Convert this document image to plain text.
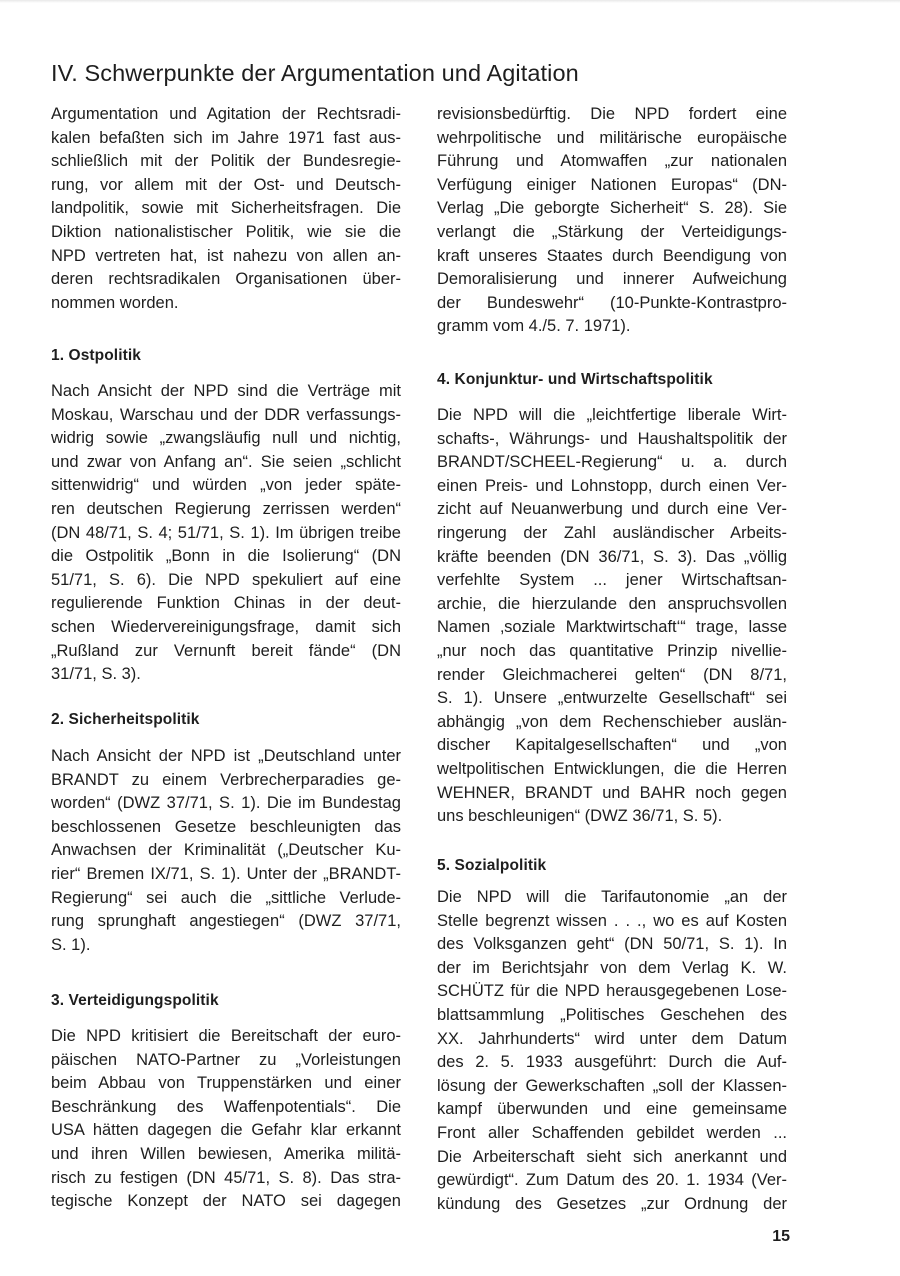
IV. Schwerpunkte der Argumentation und Agitation
Argumentation und Agitation der Rechtsradi-
kalen befaßten sich im Jahre 1971 fast aus-
schließlich mit der Politik der Bundesregie-
rung, vor allem mit der Ost- und Deutsch-
landpolitik, sowie mit Sicherheitsfragen. Die
Diktion nationalistischer Politik, wie sie die
NPD vertreten hat, ist nahezu von allen an-
deren rechtsradikalen Organisationen über-
nommen worden.
1. Ostpolitik
Nach Ansicht der NPD sind die Verträge mit
Moskau, Warschau und der DDR verfassungs-
widrig sowie „zwangsläufig null und nichtig,
und zwar von Anfang an“. Sie seien „schlicht
sittenwidrig“ und würden „von jeder späte-
ren deutschen Regierung zerrissen werden“
(DN 48/71, S. 4; 51/71, S. 1). Im übrigen treibe
die Ostpolitik „Bonn in die Isolierung“ (DN
51/71, S. 6). Die NPD spekuliert auf eine
regulierende Funktion Chinas in der deut-
schen Wiedervereinigungsfrage, damit sich
„Rußland zur Vernunft bereit fände“ (DN
31/71, S. 3).
2. Sicherheitspolitik
Nach Ansicht der NPD ist „Deutschland unter
BRANDT zu einem Verbrecherparadies ge-
worden“ (DWZ 37/71, S. 1). Die im Bundestag
beschlossenen Gesetze beschleunigten das
Anwachsen der Kriminalität („Deutscher Ku-
rier“ Bremen IX/71, S. 1). Unter der „BRANDT-
Regierung“ sei auch die „sittliche Verlude-
rung sprunghaft angestiegen“ (DWZ 37/71,
S. 1).
3. Verteidigungspolitik
Die NPD kritisiert die Bereitschaft der euro-
päischen NATO-Partner zu „Vorleistungen
beim Abbau von Truppenstärken und einer
Beschränkung des Waffenpotentials“. Die
USA hätten dagegen die Gefahr klar erkannt
und ihren Willen bewiesen, Amerika militä-
risch zu festigen (DN 45/71, S. 8). Das stra-
tegische Konzept der NATO sei dagegen
revisionsbedürftig. Die NPD fordert eine
wehrpolitische und militärische europäische
Führung und Atomwaffen „zur nationalen
Verfügung einiger Nationen Europas“ (DN-
Verlag „Die geborgte Sicherheit“ S. 28). Sie
verlangt die „Stärkung der Verteidigungs-
kraft unseres Staates durch Beendigung von
Demoralisierung und innerer Aufweichung
der Bundeswehr“ (10-Punkte-Kontrastpro-
gramm vom 4./5. 7. 1971).
4. Konjunktur- und Wirtschaftspolitik
Die NPD will die „leichtfertige liberale Wirt-
schafts-, Währungs- und Haushaltspolitik der
BRANDT/SCHEEL-Regierung“ u. a. durch
einen Preis- und Lohnstopp, durch einen Ver-
zicht auf Neuanwerbung und durch eine Ver-
ringerung der Zahl ausländischer Arbeits-
kräfte beenden (DN 36/71, S. 3). Das „völlig
verfehlte System ... jener Wirtschaftsan-
archie, die hierzulande den anspruchsvollen
Namen ‚soziale Marktwirtschaft‘“ trage, lasse
„nur noch das quantitative Prinzip nivellie-
render Gleichmacherei gelten“ (DN 8/71,
S. 1). Unsere „entwurzelte Gesellschaft“ sei
abhängig „von dem Rechenschieber auslän-
discher Kapitalgesellschaften“ und „von
weltpolitischen Entwicklungen, die die Herren
WEHNER, BRANDT und BAHR noch gegen
uns beschleunigen“ (DWZ 36/71, S. 5).
5. Sozialpolitik
Die NPD will die Tarifautonomie „an der
Stelle begrenzt wissen . . ., wo es auf Kosten
des Volksganzen geht“ (DN 50/71, S. 1). In
der im Berichtsjahr von dem Verlag K. W.
SCHÜTZ für die NPD herausgegebenen Lose-
blattsammlung „Politisches Geschehen des
XX. Jahrhunderts“ wird unter dem Datum
des 2. 5. 1933 ausgeführt: Durch die Auf-
lösung der Gewerkschaften „soll der Klassen-
kampf überwunden und eine gemeinsame
Front aller Schaffenden gebildet werden ...
Die Arbeiterschaft sieht sich anerkannt und
gewürdigt“. Zum Datum des 20. 1. 1934 (Ver-
kündung des Gesetzes „zur Ordnung der
15
